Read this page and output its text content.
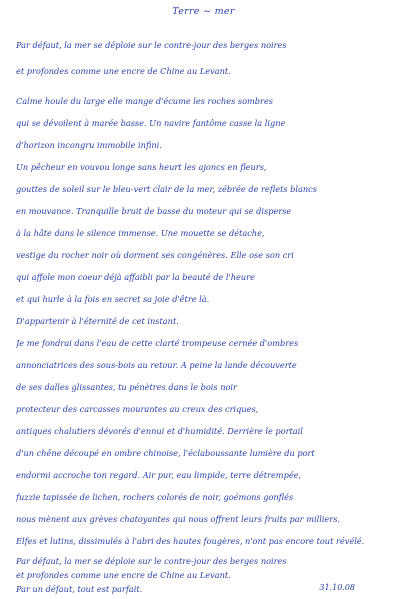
Terre ~ mer
Par défaut, la mer se déploie sur le contre-jour des berges noires
et profondes comme une encre de Chine au Levant.
Calme houle du large elle mange d'écume les roches sombres
qui se dévoilent à marée basse. Un navire fantôme casse la ligne
d'horizon incongru immobile infini.
Un pêcheur en vouvou longe sans heurt les ajoncs en fleurs,
gouttes de soleil sur le bleu-vert clair de la mer, zébrée de reflets blancs
en mouvance. Tranquille bruit de basse du moteur qui se disperse
à la hâte dans le silence immense. Une mouette se détache,
vestige du rocher noir où dorment ses congénères. Elle ose son cri
qui affole mon coeur déjà affaibli par la beauté de l'heure
et qui hurle à la fois en secret sa joie d'être là.
D'appartenir à l'éternité de cet instant.
Je me fondrai dans l'eau de cette clarté trompeuse cernée d'ombres
annonciatrices des sous-bois au retour. A peine la lande découverte
de ses dalles glissantes, tu pénètres dans le bois noir
protecteur des carcasses mourantes au creux des criques,
antiques chalutiers dévorés d'ennui et d'humidité. Derrière le portail
d'un chêne découpé en ombre chinoise, l'éclaboussante lumière du port
endormi accroche ton regard. Air pur, eau limpide, terre détrempée,
fuzzie tapissée de lichen, rochers colorés de noir, goémons gonflés
nous mènent aux grèves chatoyantes qui nous offrent leurs fruits par milliers.
Elfes et lutins, dissimulés à l'abri des hautes fougères, n'ont pas encore tout révélé.
Par défaut, la mer se déploie sur le contre-jour des berges noires
et profondes comme une encre de Chine au Levant.
Par un défaut, tout est parfait.	31.10.08
